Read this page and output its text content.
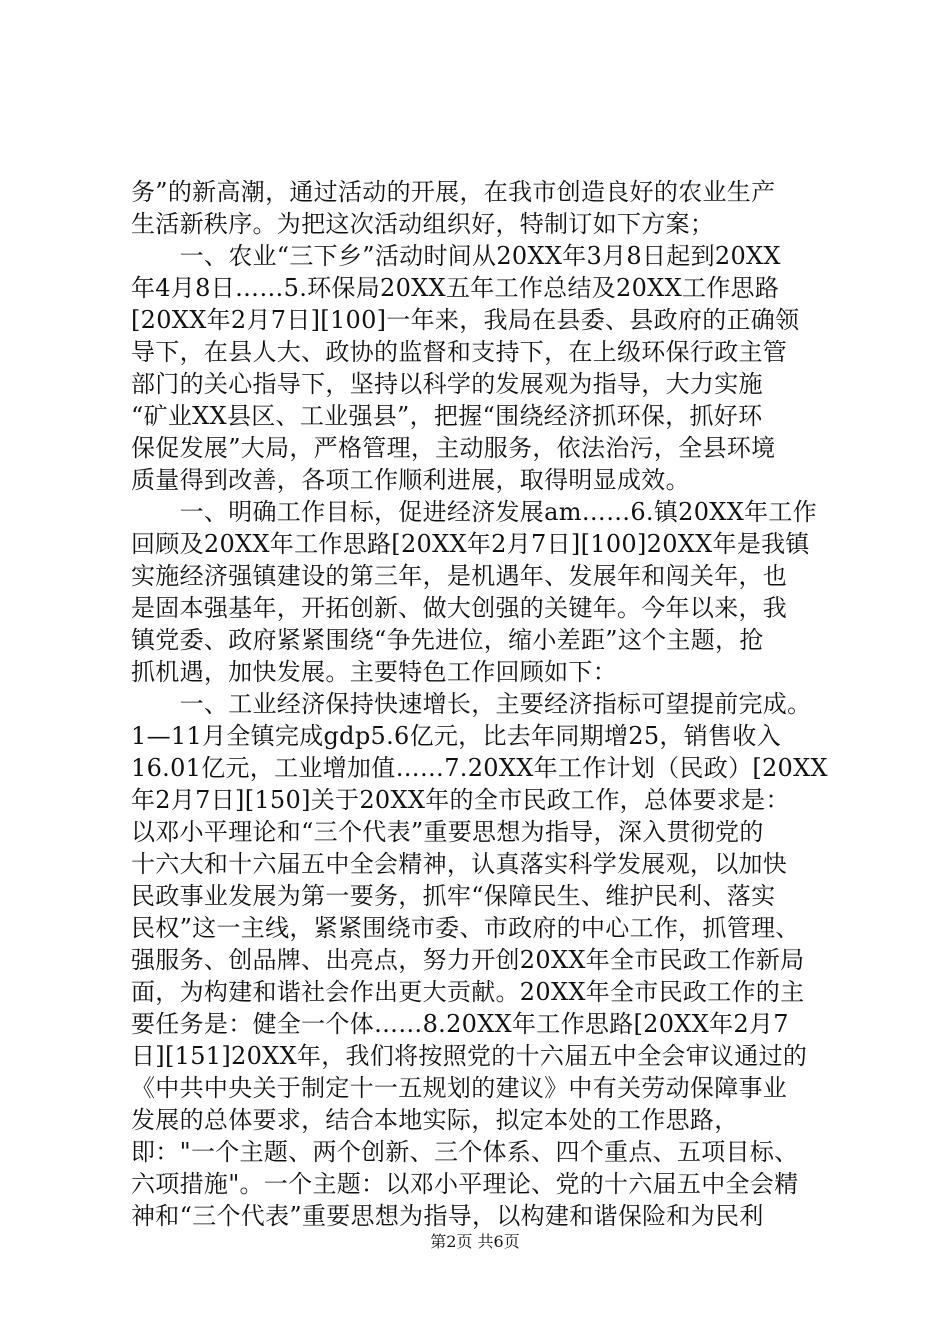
务”的新高潮，通过活动的开展，在我市创造良好的农业生产
生活新秩序。为把这次活动组织好，特制订如下方案；
　　一、农业“三下乡”活动时间从20XX年3月8日起到20XX
年4月8日……5.环保局20XX五年工作总结及20XX工作思路
[20XX年2月7日][100]一年来，我局在县委、县政府的正确领
导下，在县人大、政协的监督和支持下，在上级环保行政主管
部门的关心指导下，坚持以科学的发展观为指导，大力实施
“矿业XX县区、工业强县”，把握“围绕经济抓环保，抓好环
保促发展”大局，严格管理，主动服务，依法治污，全县环境
质量得到改善，各项工作顺利进展，取得明显成效。
　　一、明确工作目标，促进经济发展am……6.镇20XX年工作
回顾及20XX年工作思路[20XX年2月7日][100]20XX年是我镇
实施经济强镇建设的第三年，是机遇年、发展年和闯关年，也
是固本强基年，开拓创新、做大创强的关键年。今年以来，我
镇党委、政府紧紧围绕“争先进位，缩小差距”这个主题，抢
抓机遇，加快发展。主要特色工作回顾如下：
　　一、工业经济保持快速增长，主要经济指标可望提前完成。
1—11月全镇完成gdp5.6亿元，比去年同期增25，销售收入
16.01亿元，工业增加值……7.20XX年工作计划（民政）[20XX
年2月7日][150]关于20XX年的全市民政工作，总体要求是：
以邓小平理论和“三个代表”重要思想为指导，深入贯彻党的
十六大和十六届五中全会精神，认真落实科学发展观，以加快
民政事业发展为第一要务，抓牢“保障民生、维护民利、落实
民权”这一主线，紧紧围绕市委、市政府的中心工作，抓管理、
强服务、创品牌、出亮点，努力开创20XX年全市民政工作新局
面，为构建和谐社会作出更大贡献。20XX年全市民政工作的主
要任务是：健全一个体……8.20XX年工作思路[20XX年2月7
日][151]20XX年，我们将按照党的十六届五中全会审议通过的
《中共中央关于制定十一五规划的建议》中有关劳动保障事业
发展的总体要求，结合本地实际，拟定本处的工作思路，
即："一个主题、两个创新、三个体系、四个重点、五项目标、
六项措施"。一个主题：以邓小平理论、党的十六届五中全会精
神和“三个代表”重要思想为指导，以构建和谐保险和为民利
第2页 共6页
